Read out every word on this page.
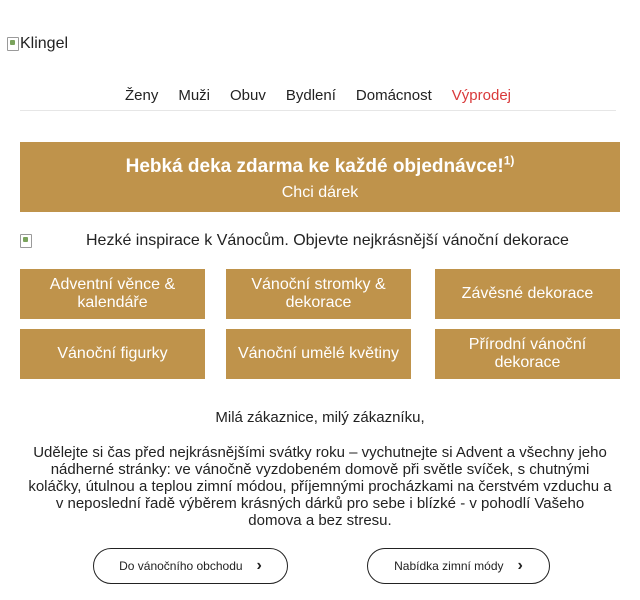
Klingel
Ženy Muži Obuv Bydlení Domácnost Výprodej
Hebká deka zdarma ke každé objednávce!$^{1)}$
Chci dárek
Hezké inspirace k Vánocům. Objevte nejkrásnější vánoční dekorace
Adventní věnce & kalendáře
Vánoční stromky & dekorace
Závěsné dekorace
Vánoční figurky	Vánoční umělé květiny
Přírodní vánoční dekorace
Milá zákaznice, milý zákazníku,
Udělejte si čas před nejkrásnějšími svátky roku – vychutnejte si Advent a všechny jeho nádherné stránky: ve vánočně vyzdobeném domově při světle svíček, s chutnými koláčky, útulnou a teplou zimní módou, příjemnými procházkami na čerstvém vzduchu a v neposlední řadě výběrem krásných dárků pro sebe i blízké - v pohodlí Vašeho domova a bez stresu.
Do vánočního obchodu ›	Nabídka zimní módy ›
